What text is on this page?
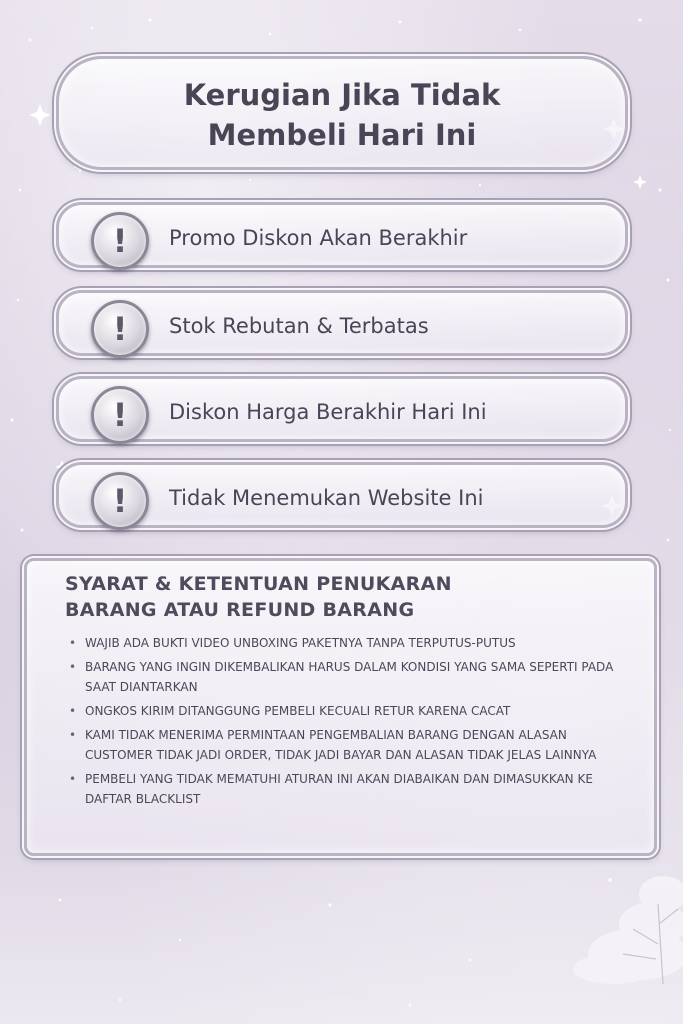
Kerugian Jika Tidak
Membeli Hari Ini
!	Promo Diskon Akan Berakhir
!	Stok Rebutan & Terbatas
!	Diskon Harga Berakhir Hari Ini
!	Tidak Menemukan Website Ini
SYARAT & KETENTUAN PENUKARAN
BARANG ATAU REFUND BARANG
• WAJIB ADA BUKTI VIDEO UNBOXING PAKETNYA TANPA TERPUTUS-PUTUS
• BARANG YANG INGIN DIKEMBALIKAN HARUS DALAM KONDISI YANG SAMA SEPERTI PADA SAAT DIANTARKAN
• ONGKOS KIRIM DITANGGUNG PEMBELI KECUALI RETUR KARENA CACAT
• KAMI TIDAK MENERIMA PERMINTAAN PENGEMBALIAN BARANG DENGAN ALASAN CUSTOMER TIDAK JADI ORDER, TIDAK JADI BAYAR DAN ALASAN TIDAK JELAS LAINNYA
• PEMBELI YANG TIDAK MEMATUHI ATURAN INI AKAN DIABAIKAN DAN DIMASUKKAN KE DAFTAR BLACKLIST
